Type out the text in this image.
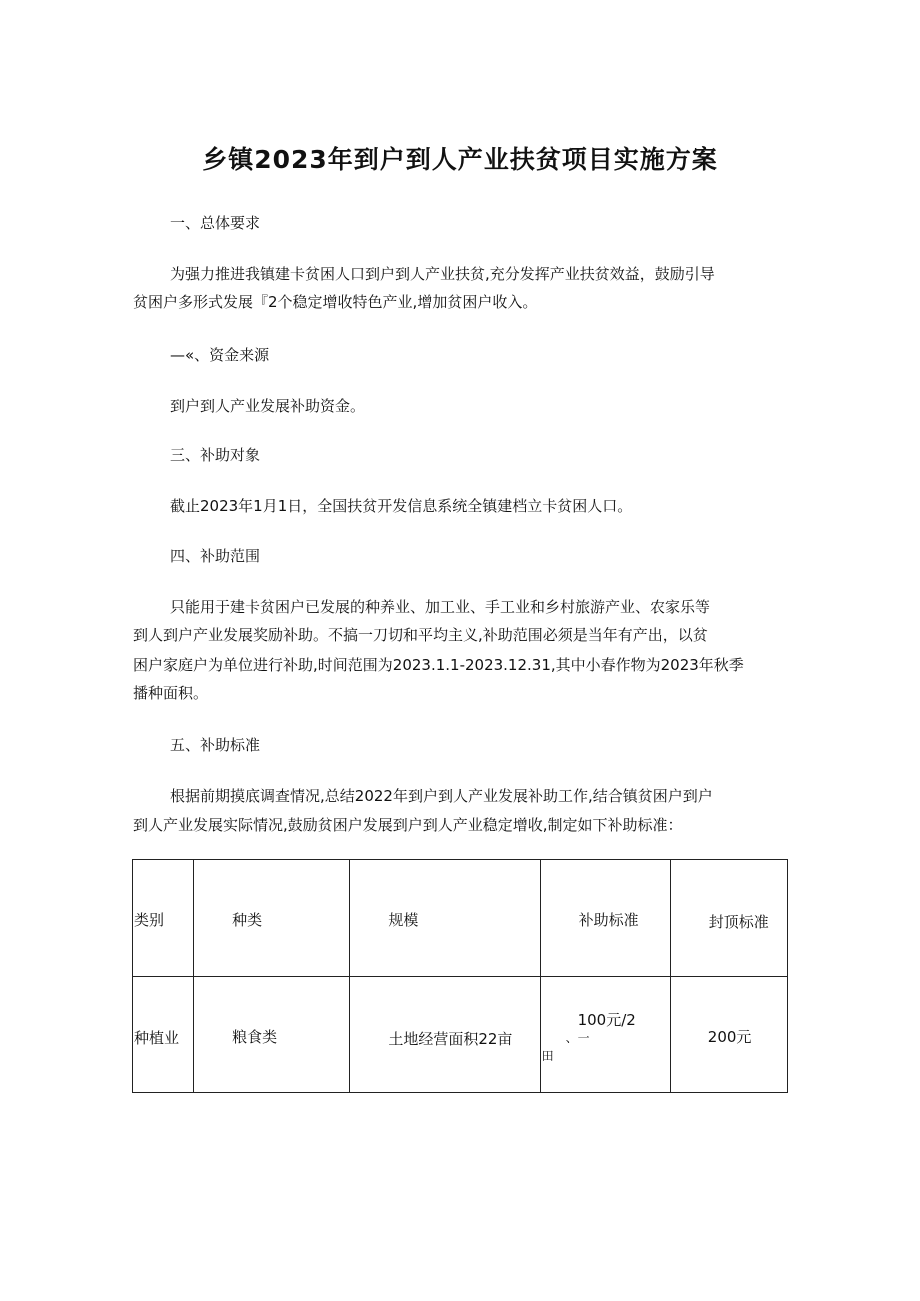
乡镇2023年到户到人产业扶贫项目实施方案
一、总体要求
为强力推进我镇建卡贫困人口到户到人产业扶贫,充分发挥产业扶贫效益，鼓励引导
贫困户多形式发展『2个稳定增收特色产业,增加贫困户收入。
—«、资金来源
到户到人产业发展补助资金。
三、补助对象
截止2023年1月1日，全国扶贫开发信息系统全镇建档立卡贫困人口。
四、补助范围
只能用于建卡贫困户已发展的种养业、加工业、手工业和乡村旅游产业、农家乐等
到人到户产业发展奖励补助。不搞一刀切和平均主义,补助范围必须是当年有产出，以贫
困户家庭户为单位进行补助,时间范围为2023.1.1-2023.12.31,其中小春作物为2023年秋季
播种面积。
五、补助标准
根据前期摸底调查情况,总结2022年到户到人产业发展补助工作,结合镇贫困户到户
到人产业发展实际情况,鼓励贫困户发展到户到人产业稳定增收,制定如下补助标准：
类别	种类	规模	补助标准	封顶标准

种植业	粮食类	土地经营面积22亩	100元/2
、一
田	200元
